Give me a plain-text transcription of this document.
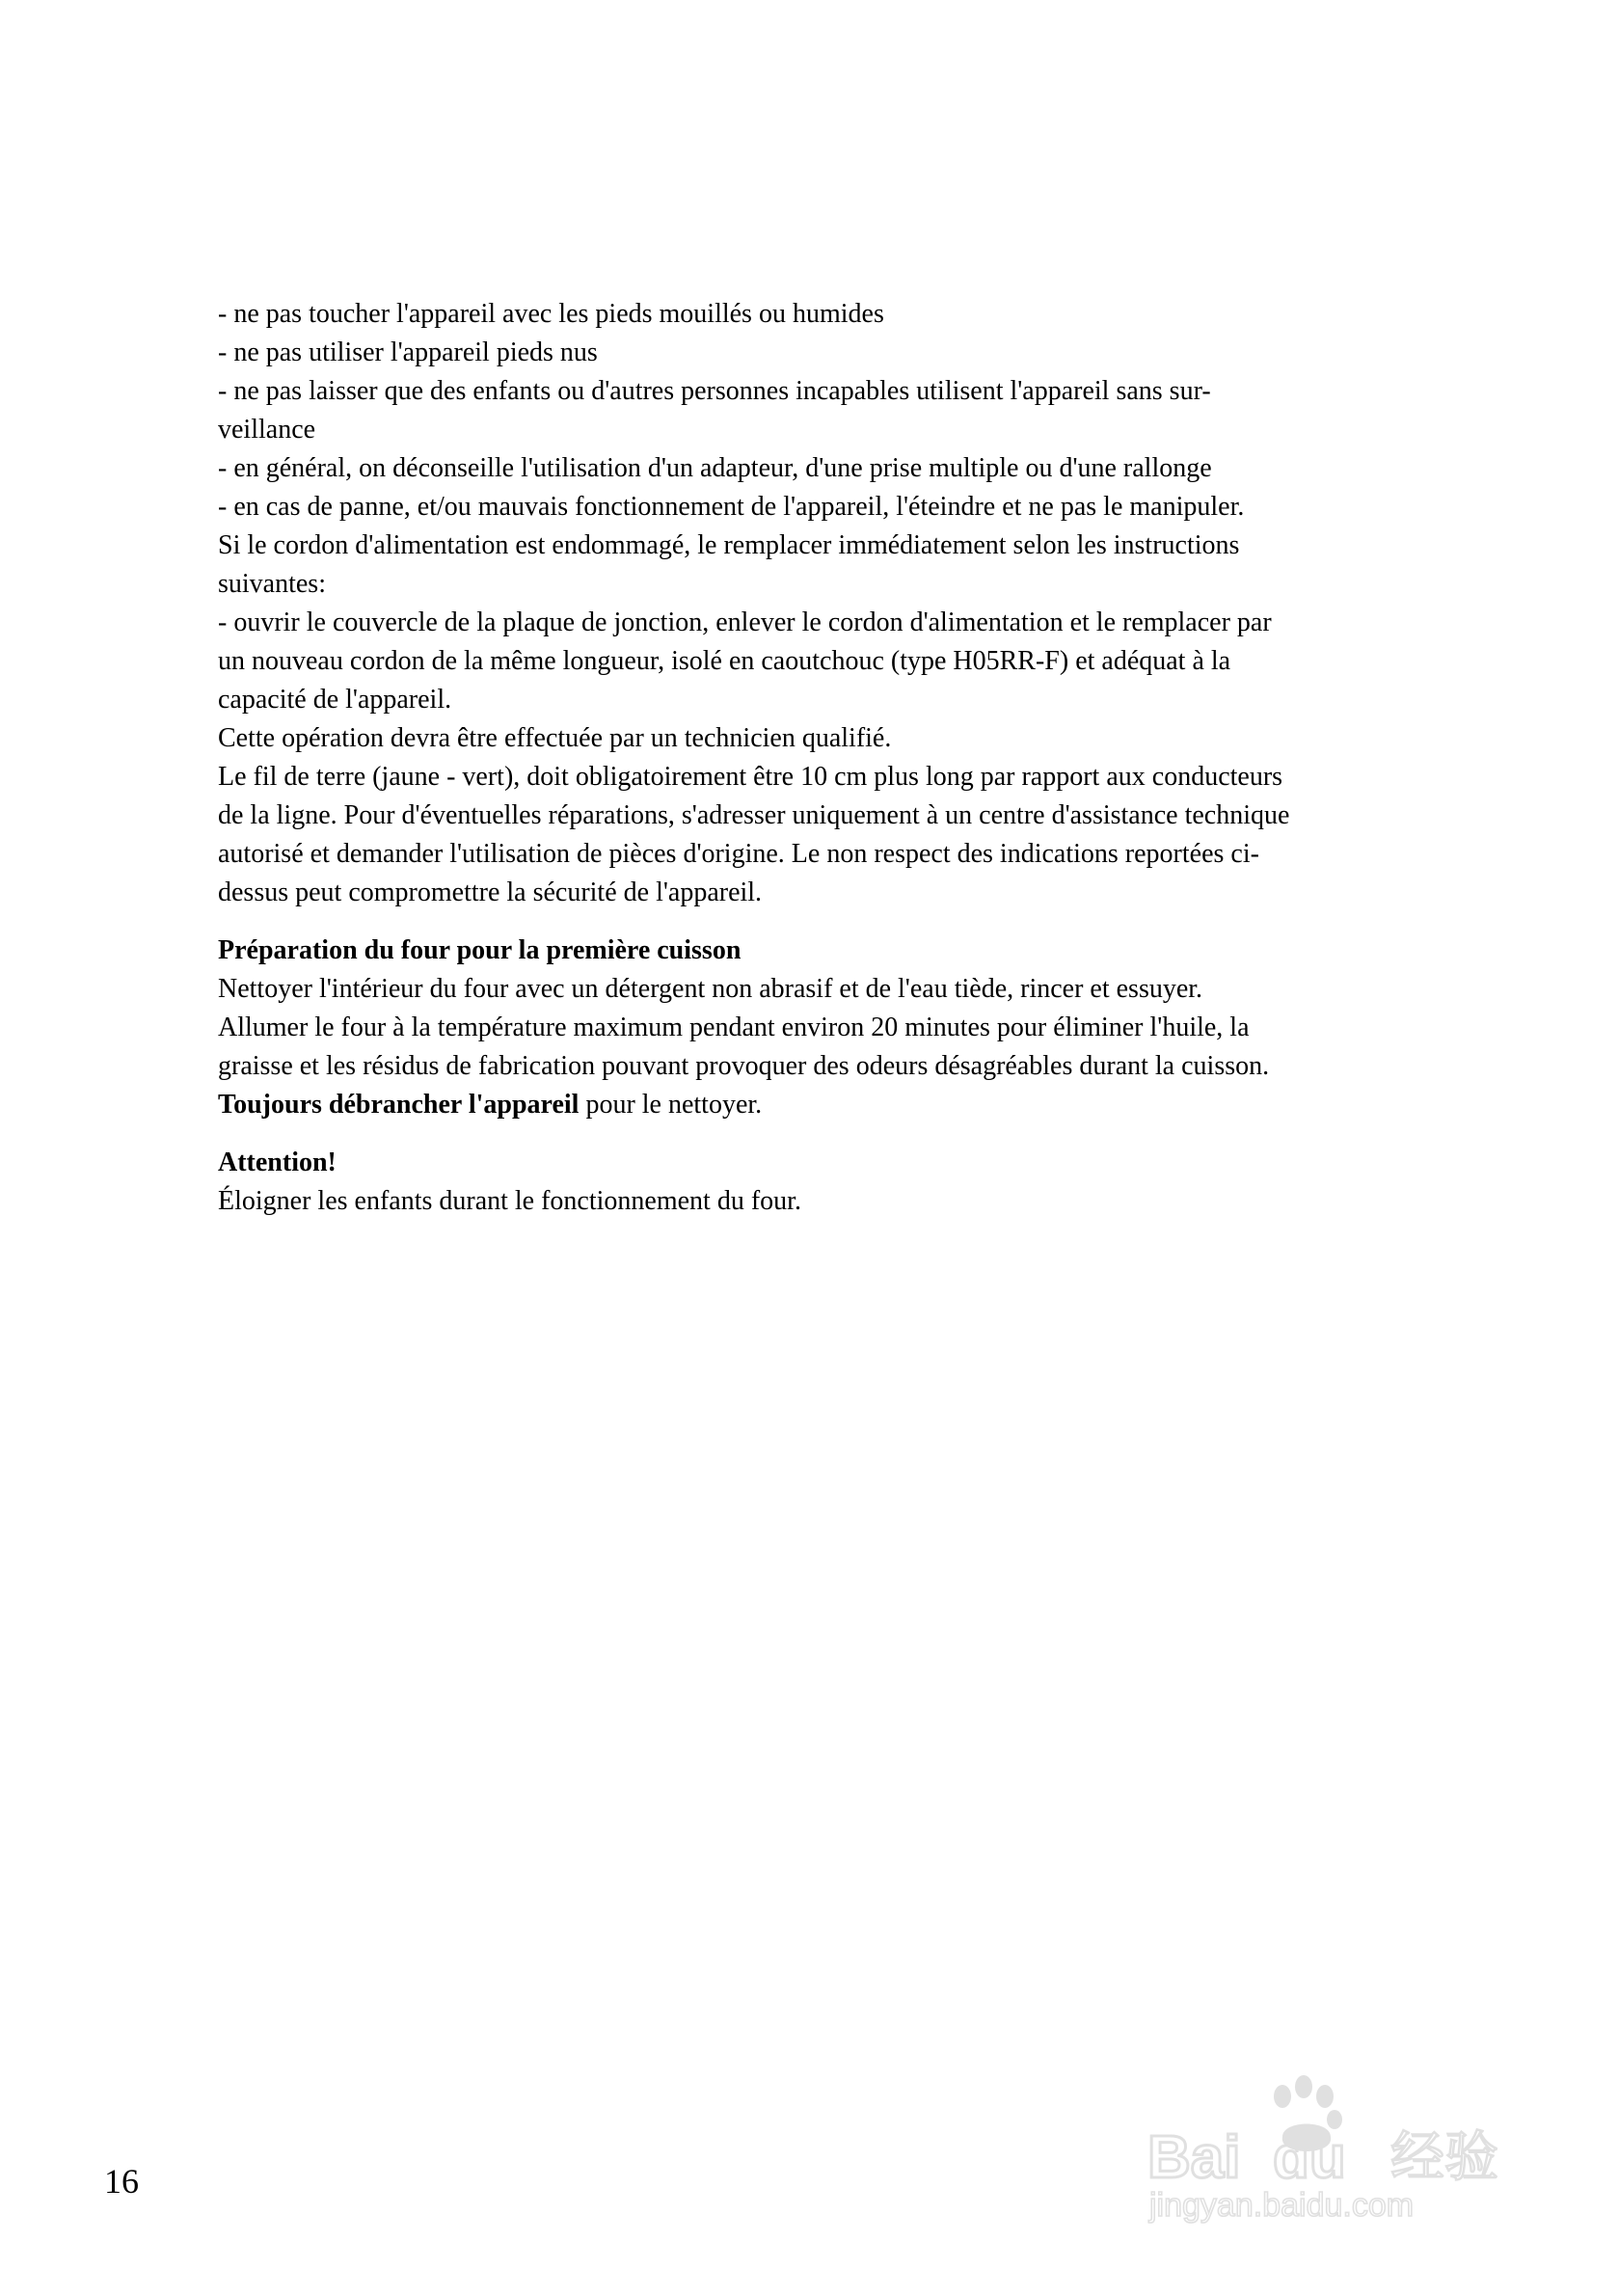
- ne pas toucher l'appareil avec les pieds mouillés ou humides
- ne pas utiliser l'appareil pieds nus
- ne pas laisser que des enfants ou d'autres personnes incapables utilisent l'appareil sans sur-
veillance
- en général, on déconseille l'utilisation d'un adapteur, d'une prise multiple ou d'une rallonge
- en cas de panne, et/ou mauvais fonctionnement de l'appareil, l'éteindre et ne pas le manipuler.
Si le cordon d'alimentation est endommagé, le remplacer immédiatement selon les instructions
suivantes:
- ouvrir le couvercle de la plaque de jonction, enlever le cordon d'alimentation et le remplacer par
un nouveau cordon de la même longueur, isolé en caoutchouc (type H05RR-F) et adéquat à la
capacité de l'appareil.
Cette opération devra être effectuée par un technicien qualifié.
Le fil de terre (jaune - vert), doit obligatoirement être 10 cm plus long par rapport aux conducteurs
de la ligne. Pour d'éventuelles réparations, s'adresser uniquement à un centre d'assistance technique
autorisé et demander l'utilisation de pièces d'origine. Le non respect des indications reportées ci-
dessus peut compromettre la sécurité de l'appareil.
Préparation du four pour la première cuisson
Nettoyer l'intérieur du four avec un détergent non abrasif et de l'eau tiède, rincer et essuyer.
Allumer le four à la température maximum pendant environ 20 minutes pour éliminer l'huile, la
graisse et les résidus de fabrication pouvant provoquer des odeurs désagréables durant la cuisson.
Toujours débrancher l'appareil pour le nettoyer.
Attention!
Éloigner les enfants durant le fonctionnement du four.
16	Bai du 经验
jingyan.baidu.com
